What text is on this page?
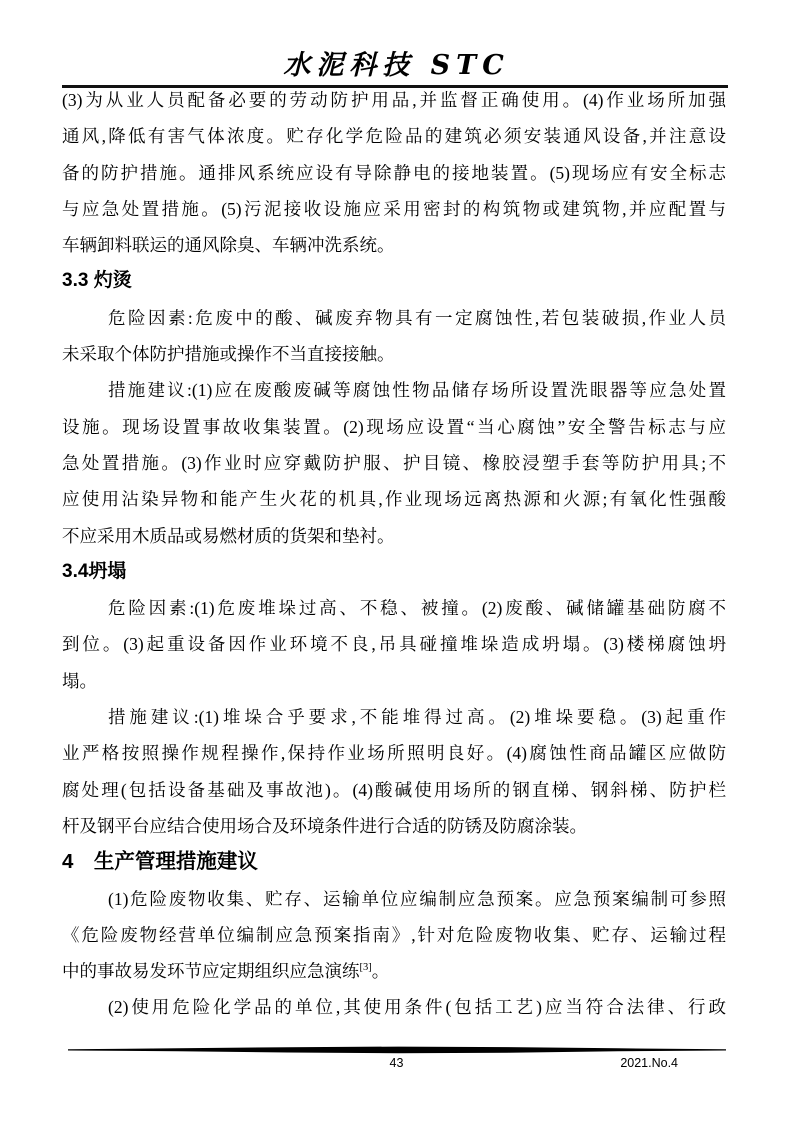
水泥科技 STC
(3)为从业人员配备必要的劳动防护用品,并监督正确使用。(4)作业场所加强
通风,降低有害气体浓度。贮存化学危险品的建筑必须安装通风设备,并注意设
备的防护措施。通排风系统应设有导除静电的接地装置。(5)现场应有安全标志
与应急处置措施。(5)污泥接收设施应采用密封的构筑物或建筑物,并应配置与
车辆卸料联运的通风除臭、车辆冲洗系统。
3.3 灼烫
危险因素:危废中的酸、碱废弃物具有一定腐蚀性,若包装破损,作业人员
未采取个体防护措施或操作不当直接接触。
措施建议:(1)应在废酸废碱等腐蚀性物品储存场所设置洗眼器等应急处置
设施。现场设置事故收集装置。(2)现场应设置“当心腐蚀”安全警告标志与应
急处置措施。(3)作业时应穿戴防护服、护目镜、橡胶浸塑手套等防护用具;不
应使用沾染异物和能产生火花的机具,作业现场远离热源和火源;有氧化性强酸
不应采用木质品或易燃材质的货架和垫衬。
3.4坍塌
危险因素:(1)危废堆垛过高、不稳、被撞。(2)废酸、碱储罐基础防腐不
到位。(3)起重设备因作业环境不良,吊具碰撞堆垛造成坍塌。(3)楼梯腐蚀坍
塌。
措施建议:(1)堆垛合乎要求,不能堆得过高。(2)堆垛要稳。(3)起重作
业严格按照操作规程操作,保持作业场所照明良好。(4)腐蚀性商品罐区应做防
腐处理(包括设备基础及事故池)。(4)酸碱使用场所的钢直梯、钢斜梯、防护栏
杆及钢平台应结合使用场合及环境条件进行合适的防锈及防腐涂装。
4　生产管理措施建议
(1)危险废物收集、贮存、运输单位应编制应急预案。应急预案编制可参照
《危险废物经营单位编制应急预案指南》,针对危险废物收集、贮存、运输过程
中的事故易发环节应定期组织应急演练[3]。
(2)使用危险化学品的单位,其使用条件(包括工艺)应当符合法律、行政
43	2021.No.4
